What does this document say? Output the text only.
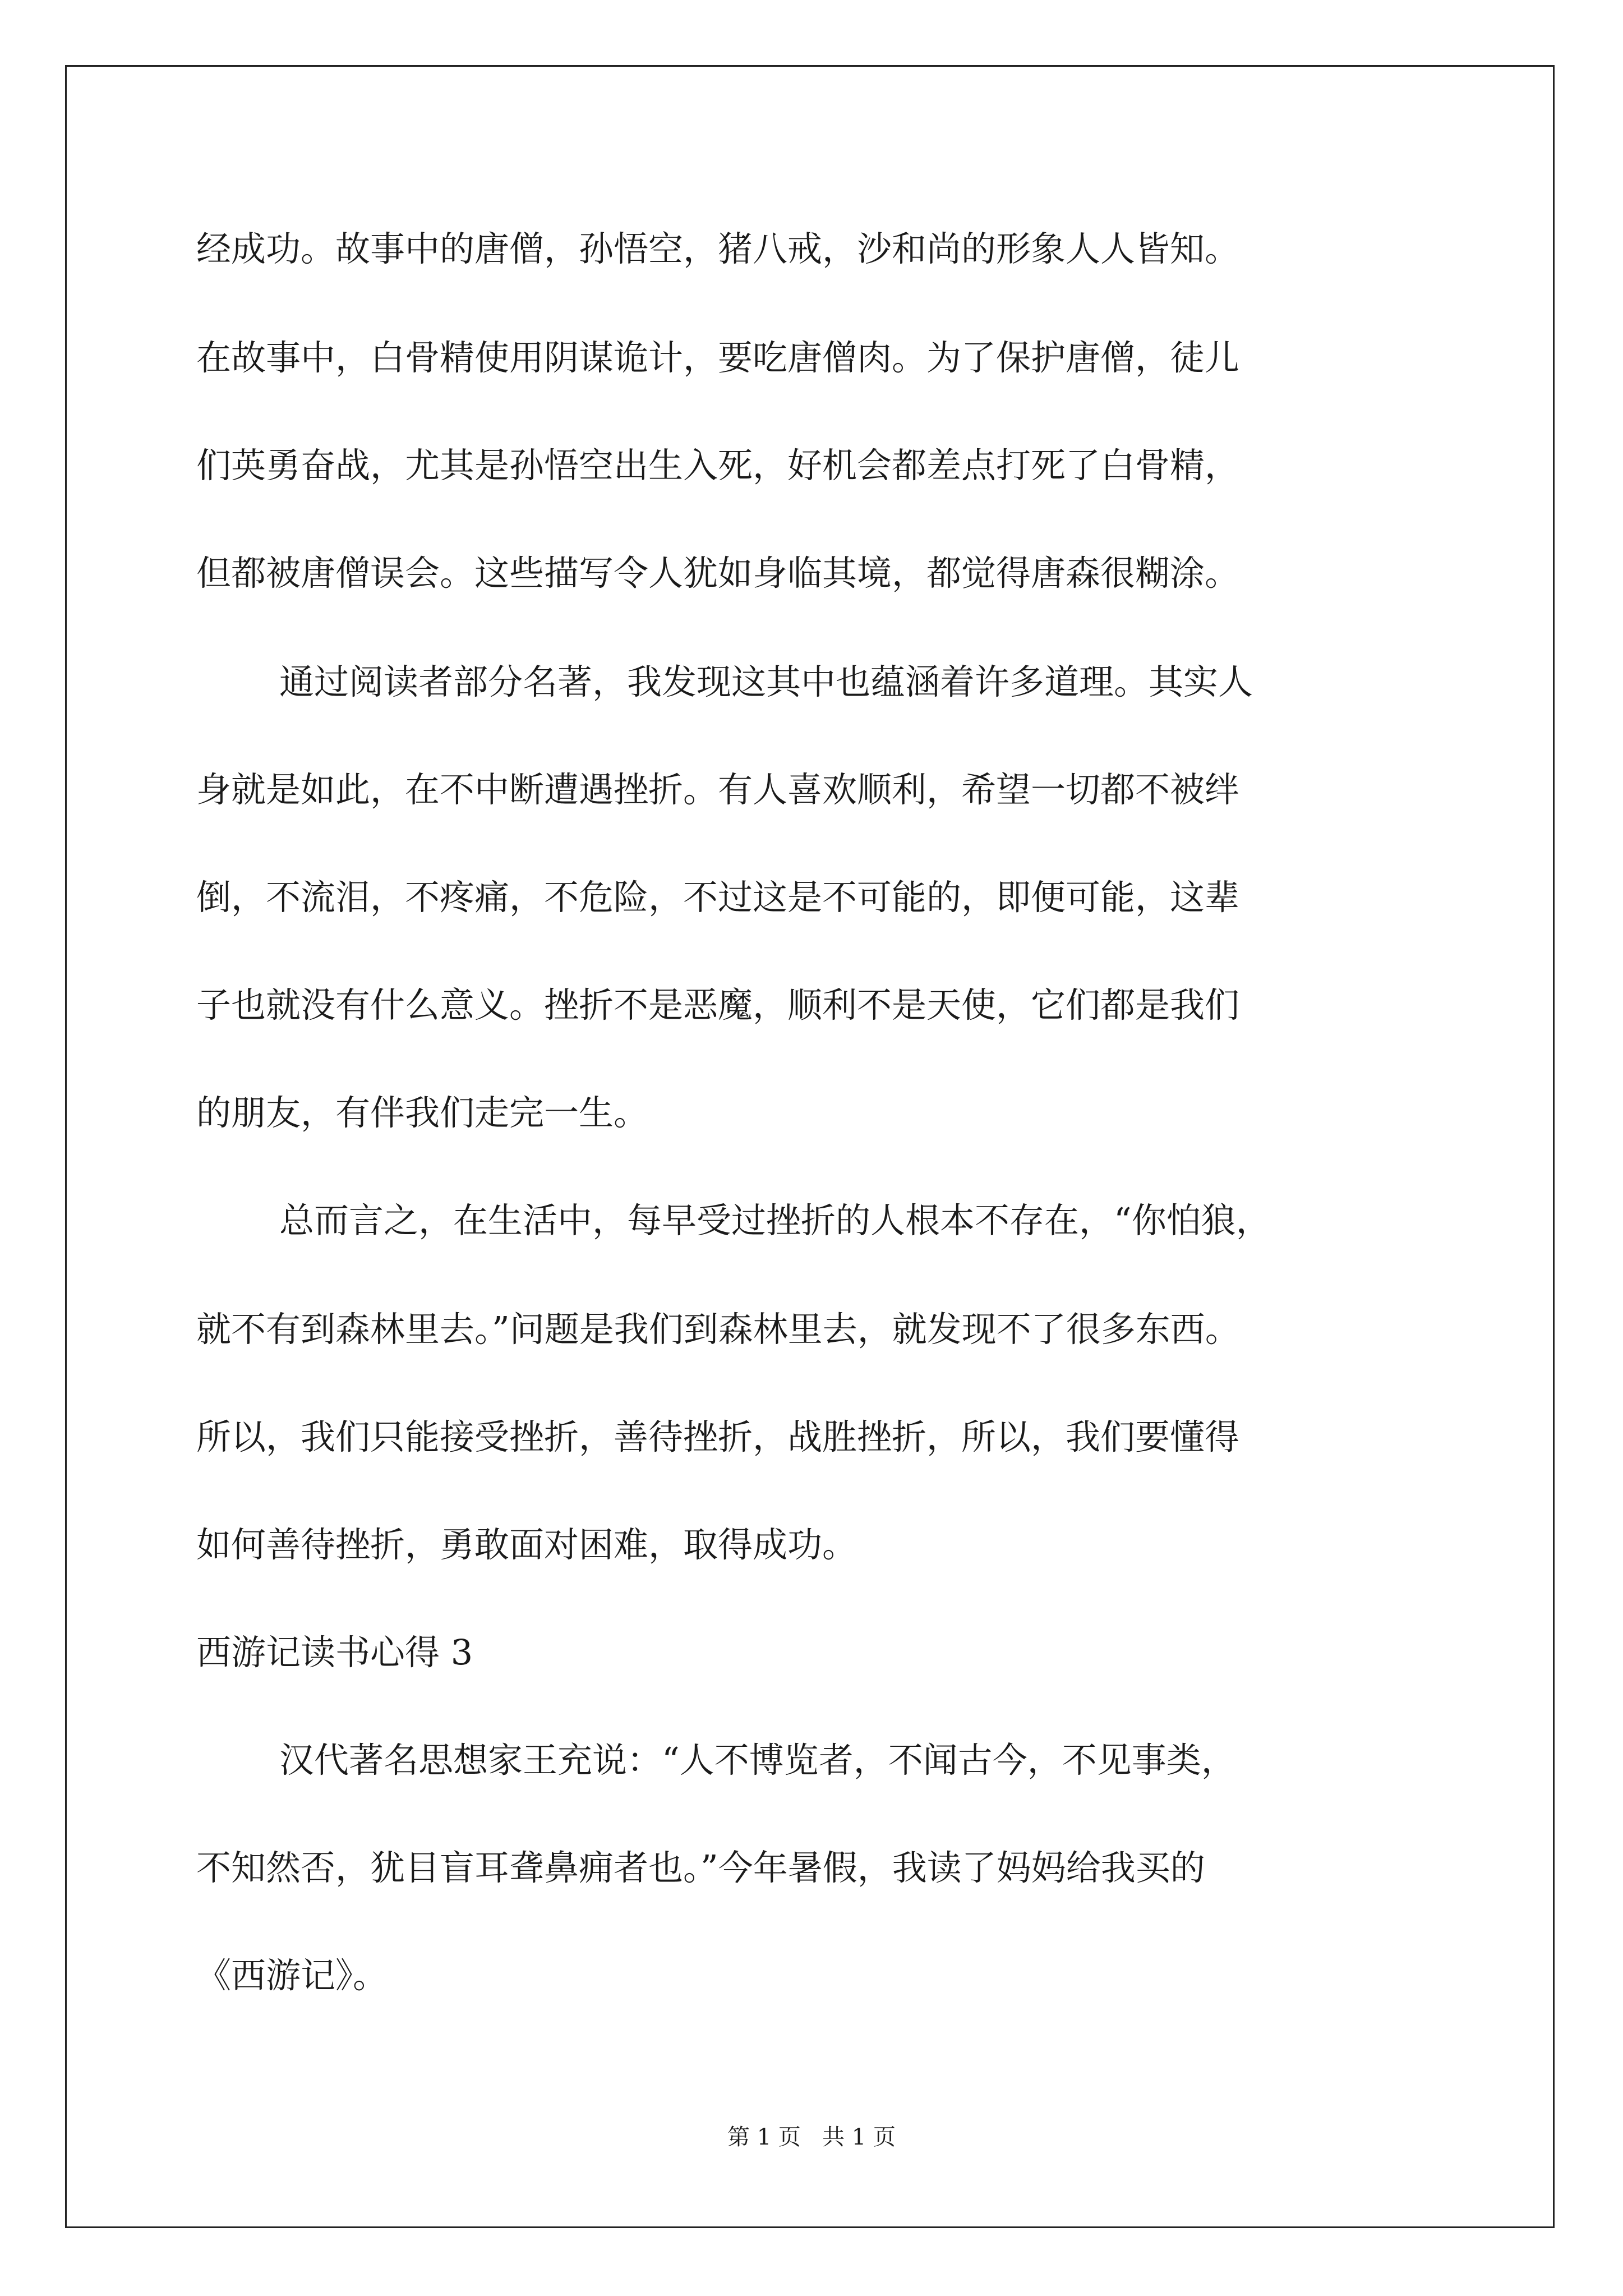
经成功。故事中的唐僧，孙悟空，猪八戒，沙和尚的形象人人皆知。
在故事中，白骨精使用阴谋诡计，要吃唐僧肉。为了保护唐僧，徒儿
们英勇奋战，尤其是孙悟空出生入死，好机会都差点打死了白骨精，
但都被唐僧误会。这些描写令人犹如身临其境，都觉得唐森很糊涂。
通过阅读者部分名著，我发现这其中也蕴涵着许多道理。其实人
身就是如此，在不中断遭遇挫折。有人喜欢顺利，希望一切都不被绊
倒，不流泪，不疼痛，不危险，不过这是不可能的，即便可能，这辈
子也就没有什么意义。挫折不是恶魔，顺利不是天使，它们都是我们
的朋友，有伴我们走完一生。
总而言之，在生活中，每早受过挫折的人根本不存在，“你怕狼，
就不有到森林里去。”问题是我们到森林里去，就发现不了很多东西。
所以，我们只能接受挫折，善待挫折，战胜挫折，所以，我们要懂得
如何善待挫折，勇敢面对困难，取得成功。
西游记读书心得 3
汉代著名思想家王充说：“人不博览者，不闻古今，不见事类，
不知然否，犹目盲耳聋鼻痈者也。”今年暑假，我读了妈妈给我买的
《西游记》。
第 1 页   共 1 页
